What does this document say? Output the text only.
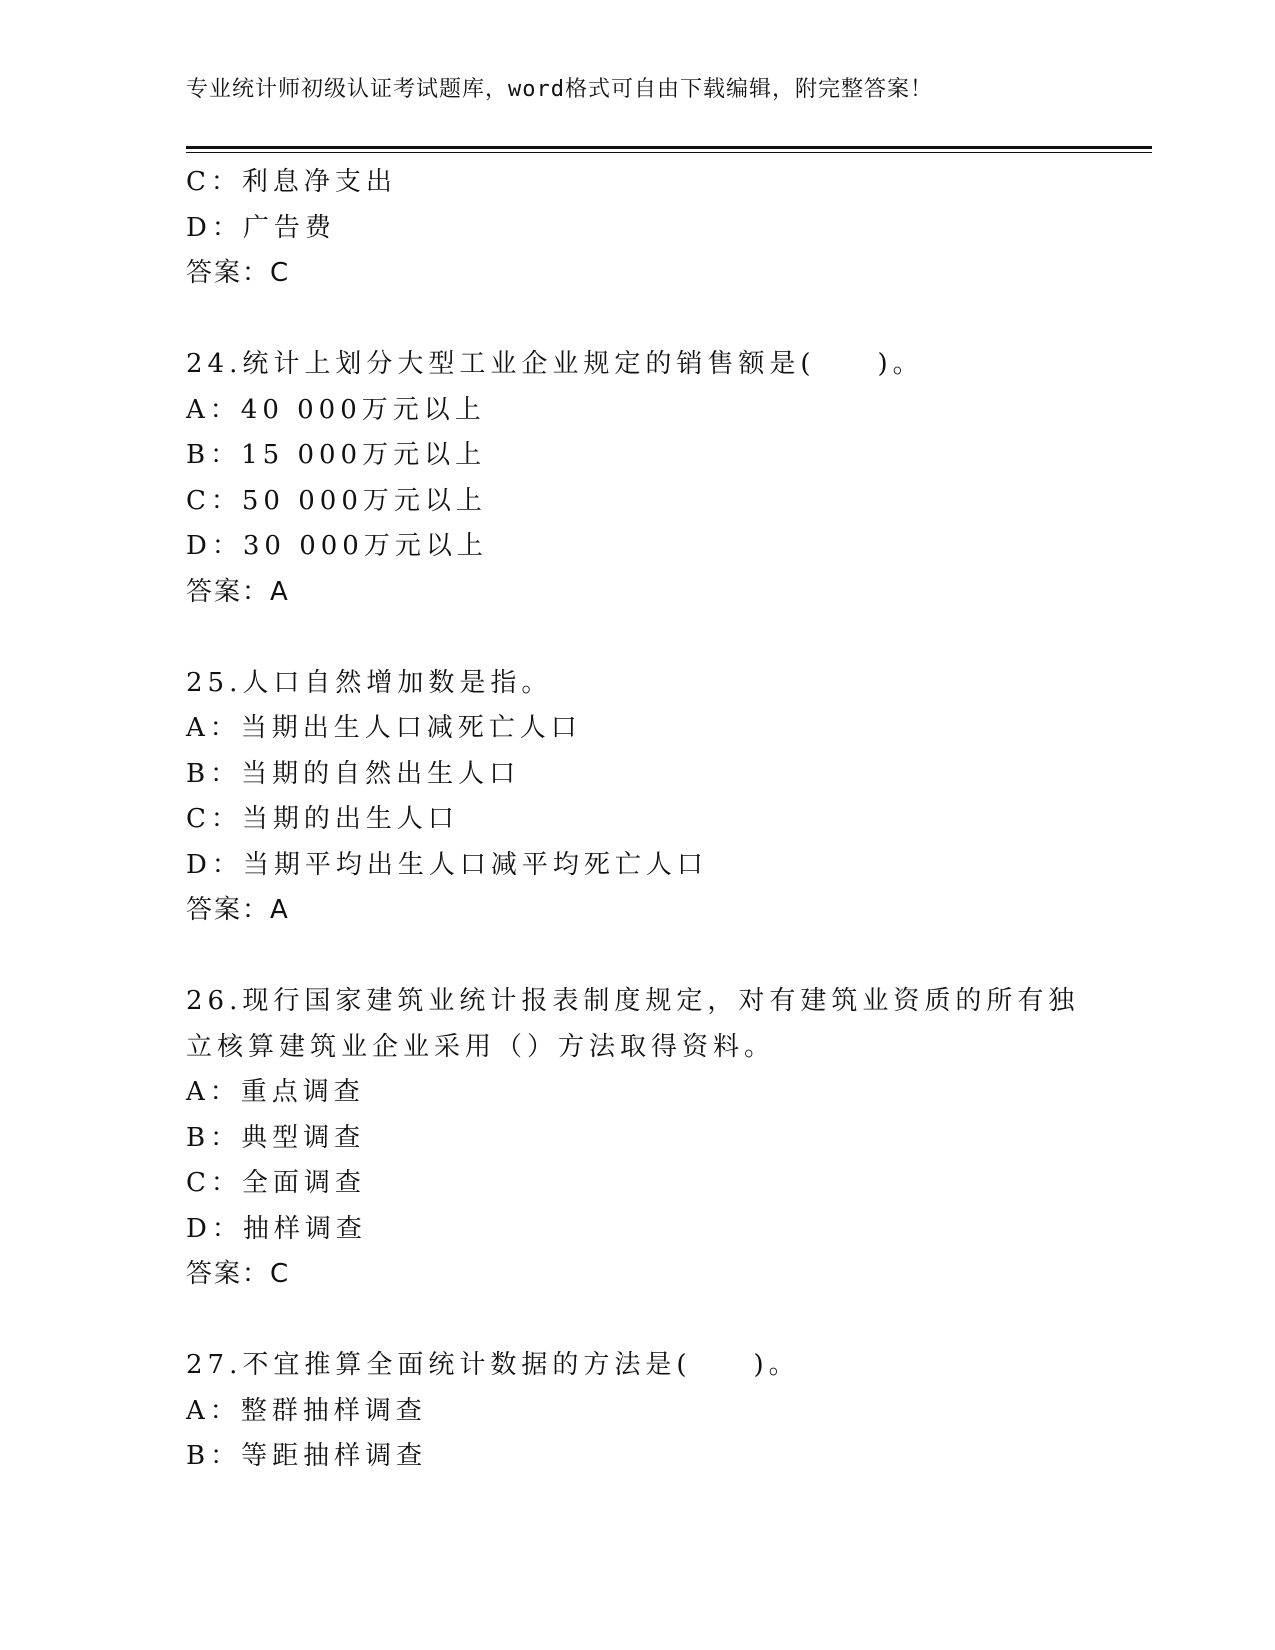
专业统计师初级认证考试题库，word格式可自由下载编辑，附完整答案！
C：利息净支出
D：广告费
答案：C
24.统计上划分大型工业企业规定的销售额是(　　)。
A：40 000万元以上
B：15 000万元以上
C：50 000万元以上
D：30 000万元以上
答案：A
25.人口自然增加数是指。
A：当期出生人口减死亡人口
B：当期的自然出生人口
C：当期的出生人口
D：当期平均出生人口减平均死亡人口
答案：A
26.现行国家建筑业统计报表制度规定，对有建筑业资质的所有独立核算建筑业企业采用（）方法取得资料。
A：重点调查
B：典型调查
C：全面调查
D：抽样调查
答案：C
27.不宜推算全面统计数据的方法是(　　)。
A：整群抽样调查
B：等距抽样调查
